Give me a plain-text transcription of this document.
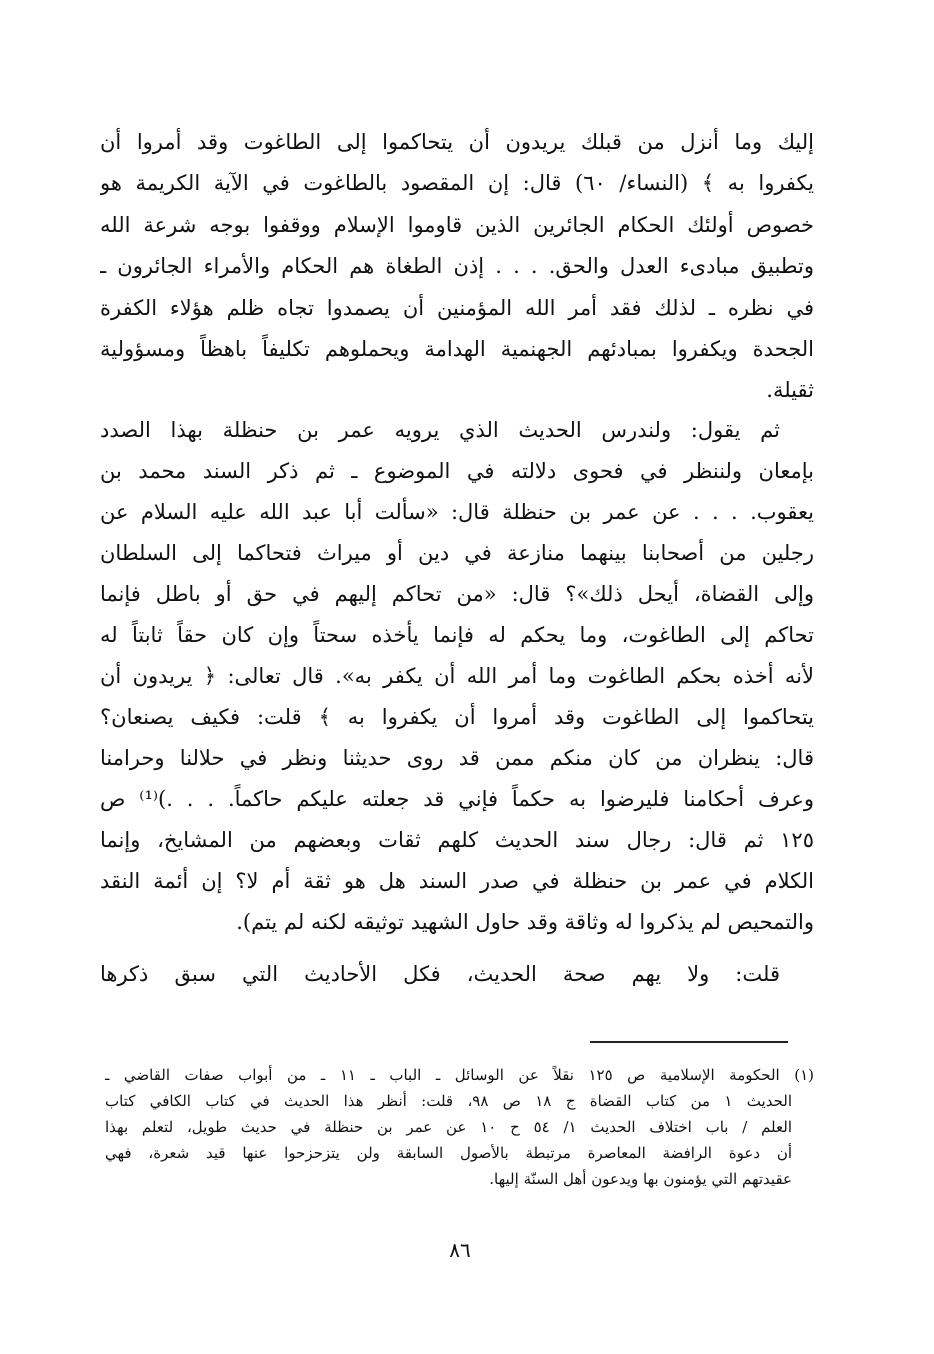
إليك وما أنزل من قبلك يريدون أن يتحاكموا إلى الطاغوت وقد أمروا أن
يكفروا به ﴾ (النساء/ ٦٠) قال: إن المقصود بالطاغوت في الآية الكريمة هو
خصوص أولئك الحكام الجائرين الذين قاوموا الإسلام ووقفوا بوجه شرعة الله
وتطبيق مبادىء العدل والحق. . . . إذن الطغاة هم الحكام والأمراء الجائرون ـ
في نظره ـ لذلك فقد أمر الله المؤمنين أن يصمدوا تجاه ظلم هؤلاء الكفرة
الجحدة ويكفروا بمبادئهم الجهنمية الهدامة ويحملوهم تكليفاً باهظاً ومسؤولية
ثقيلة.
ثم يقول: ولندرس الحديث الذي يرويه عمر بن حنظلة بهذا الصدد
بإمعان ولننظر في فحوى دلالته في الموضوع ـ ثم ذكر السند محمد بن
يعقوب. . . . عن عمر بن حنظلة قال: «سألت أبا عبد الله عليه السلام عن
رجلين من أصحابنا بينهما منازعة في دين أو ميراث فتحاكما إلى السلطان
وإلى القضاة، أيحل ذلك»؟ قال: «من تحاكم إليهم في حق أو باطل فإنما
تحاكم إلى الطاغوت، وما يحكم له فإنما يأخذه سحتاً وإن كان حقاً ثابتاً له
لأنه أخذه بحكم الطاغوت وما أمر الله أن يكفر به». قال تعالى: ﴿ يريدون أن
يتحاكموا إلى الطاغوت وقد أمروا أن يكفروا به ﴾ قلت: فكيف يصنعان؟
قال: ينظران من كان منكم ممن قد روى حديثنا ونظر في حلالنا وحرامنا
وعرف أحكامنا فليرضوا به حكماً فإني قد جعلته عليكم حاكماً. . . .)⁽¹⁾ ص
١٢٥ ثم قال: رجال سند الحديث كلهم ثقات وبعضهم من المشايخ، وإنما
الكلام في عمر بن حنظلة في صدر السند هل هو ثقة أم لا؟ إن أئمة النقد
والتمحيص لم يذكروا له وثاقة وقد حاول الشهيد توثيقه لكنه لم يتم).
قلت: ولا يهم صحة الحديث، فكل الأحاديث التي سبق ذكرها
(١) الحكومة الإسلامية ص ١٢٥ نقلاً عن الوسائل ـ الباب ـ ١١ ـ من أبواب صفات القاضي ـ
الحديث ١ من كتاب القضاة ج ١٨ ص ٩٨، قلت: أنظر هذا الحديث في كتاب الكافي كتاب
العلم / باب اختلاف الحديث ١/ ٥٤ ح ١٠ عن عمر بن حنظلة في حديث طويل، لتعلم بهذا
أن دعوة الرافضة المعاصرة مرتبطة بالأصول السابقة ولن يتزحزحوا عنها قيد شعرة، فهي
عقيدتهم التي يؤمنون بها ويدعون أهل السنّة إليها.
٨٦
